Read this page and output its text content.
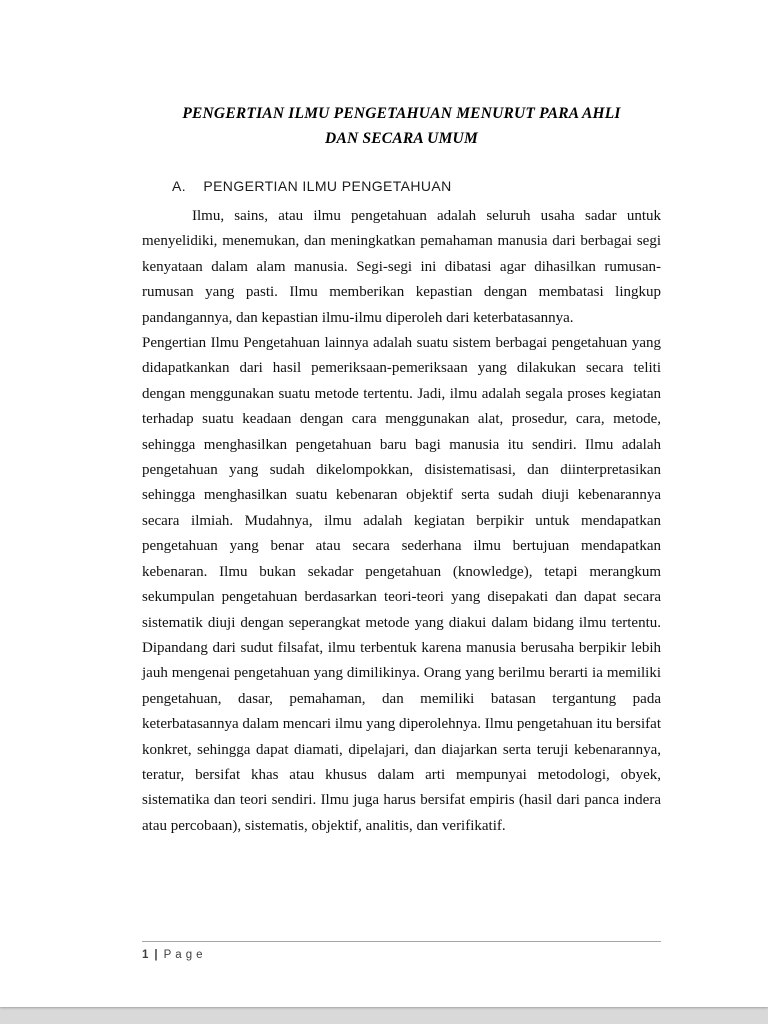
PENGERTIAN ILMU PENGETAHUAN MENURUT PARA AHLI
DAN SECARA UMUM
A. PENGERTIAN ILMU PENGETAHUAN

Ilmu, sains, atau ilmu pengetahuan adalah seluruh usaha sadar untuk menyelidiki, menemukan, dan meningkatkan pemahaman manusia dari berbagai segi kenyataan dalam alam manusia. Segi-segi ini dibatasi agar dihasilkan rumusan-rumusan yang pasti. Ilmu memberikan kepastian dengan membatasi lingkup pandangannya, dan kepastian ilmu-ilmu diperoleh dari keterbatasannya.

Pengertian Ilmu Pengetahuan lainnya adalah suatu sistem berbagai pengetahuan yang didapatkankan dari hasil pemeriksaan-pemeriksaan yang dilakukan secara teliti dengan menggunakan suatu metode tertentu. Jadi, ilmu adalah segala proses kegiatan terhadap suatu keadaan dengan cara menggunakan alat, prosedur, cara, metode, sehingga menghasilkan pengetahuan baru bagi manusia itu sendiri. Ilmu adalah pengetahuan yang sudah dikelompokkan, disistematisasi, dan diinterpretasikan sehingga menghasilkan suatu kebenaran objektif serta sudah diuji kebenarannya secara ilmiah. Mudahnya, ilmu adalah kegiatan berpikir untuk mendapatkan pengetahuan yang benar atau secara sederhana ilmu bertujuan mendapatkan kebenaran. Ilmu bukan sekadar pengetahuan (knowledge), tetapi merangkum sekumpulan pengetahuan berdasarkan teori-teori yang disepakati dan dapat secara sistematik diuji dengan seperangkat metode yang diakui dalam bidang ilmu tertentu. Dipandang dari sudut filsafat, ilmu terbentuk karena manusia berusaha berpikir lebih jauh mengenai pengetahuan yang dimilikinya. Orang yang berilmu berarti ia memiliki pengetahuan, dasar, pemahaman, dan memiliki batasan tergantung pada keterbatasannya dalam mencari ilmu yang diperolehnya. Ilmu pengetahuan itu bersifat konkret, sehingga dapat diamati, dipelajari, dan diajarkan serta teruji kebenarannya, teratur, bersifat khas atau khusus dalam arti mempunyai metodologi, obyek, sistematika dan teori sendiri. Ilmu juga harus bersifat empiris (hasil dari panca indera atau percobaan), sistematis, objektif, analitis, dan verifikatif.

1 | Page
